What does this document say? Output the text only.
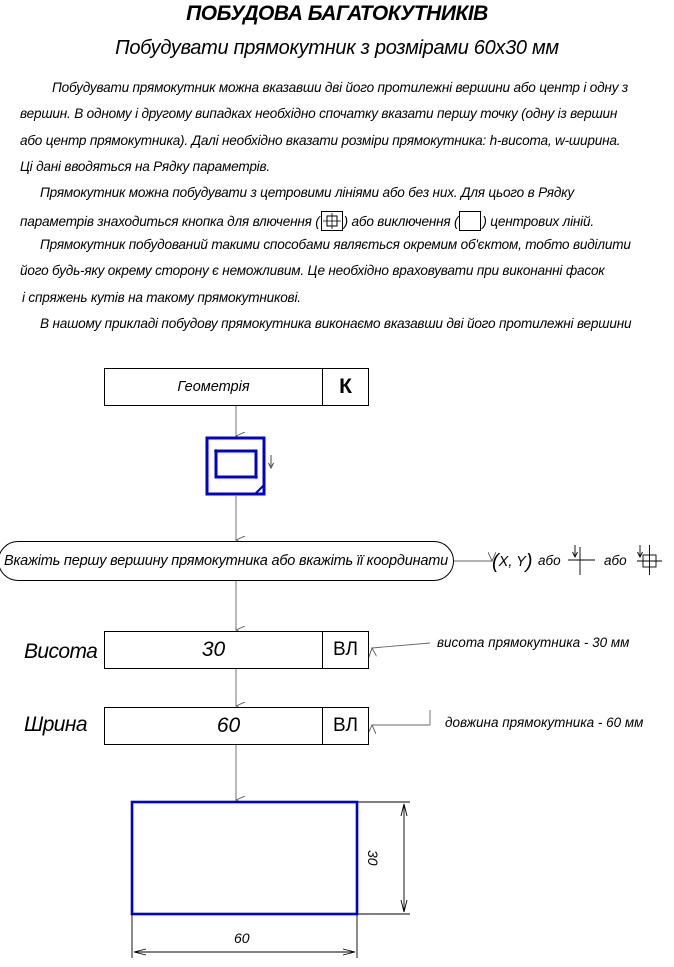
ПОБУДОВА БАГАТОКУТНИКІВ
Побудувати прямокутник з розмірами 60х30 мм
Побудувати прямокутник можна вказавши дві його протилежні вершини або центр і одну з
вершин. В одному і другому випадках необхідно спочатку вказати першу точку (одну із вершин
або центр прямокутника). Далі необхідно вказати розміри прямокутника: h-висота, w-ширина.
Ці дані вводяться на Рядку параметрів.
Прямокутник можна побудувати з цетровими лініями або без них. Для цього в Рядку
параметрів знаходиться кнопка для влючення ( ) або виключення ( ) центрових ліній.
Прямокутник побудований такими способами являється окремим об'єктом, тобто виділити
його будь-яку окрему сторону є неможливим. Це необхідно враховувати при виконанні фасок
і спряжень кутів на такому прямокутникові.
В нашому прикладі побудову прямокутника виконаємо вказавши дві його протилежні вершини
Геометрія	К
Вкажіть першу вершину прямокутника або вкажіть її координати (X, Y) або	або
Висота	30	ВЛ	висота прямокутника - 30 мм
Шрина	60	ВЛ	довжина прямокутника - 60 мм
60
30
